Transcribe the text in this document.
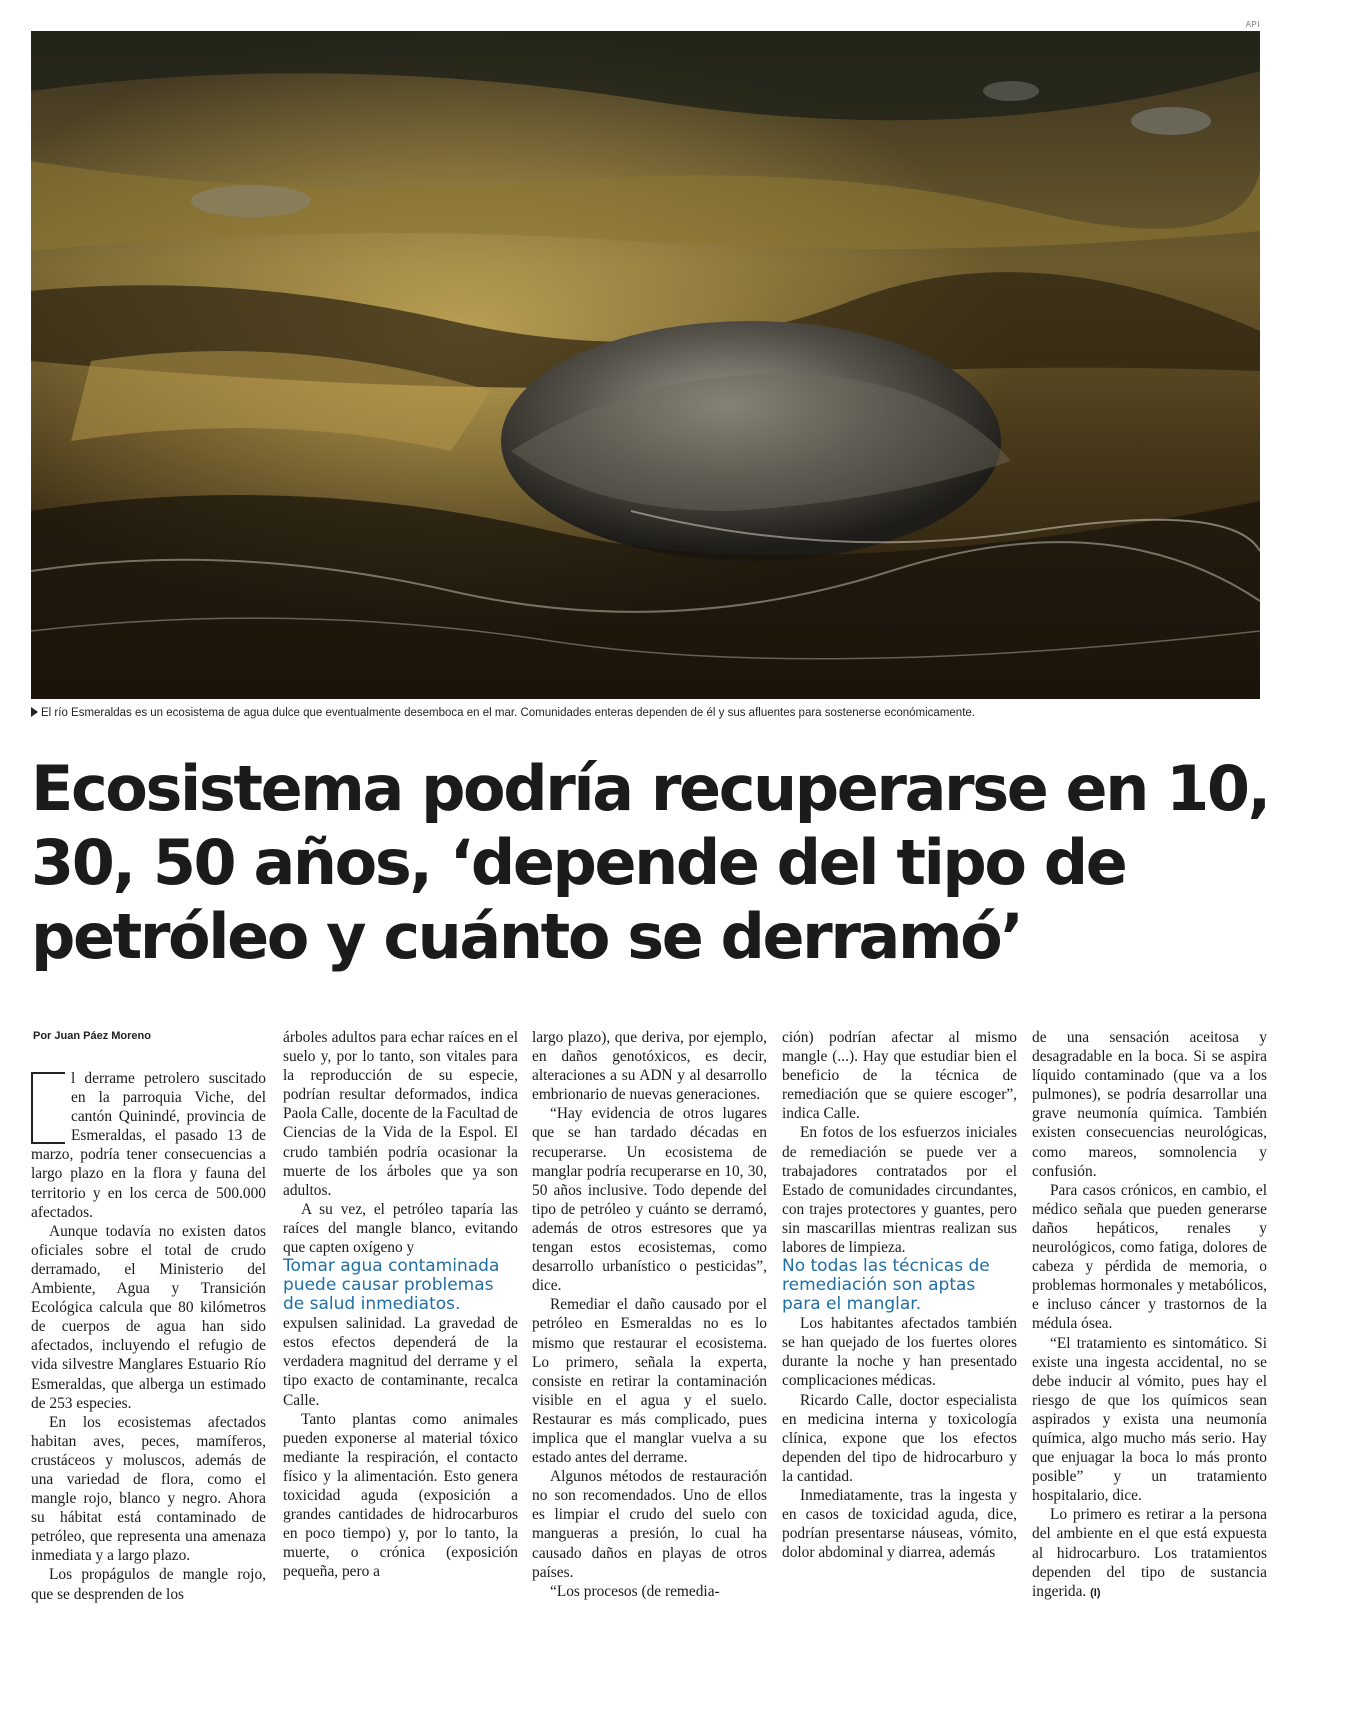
API
El río Esmeraldas es un ecosistema de agua dulce que eventualmente desemboca en el mar. Comunidades enteras dependen de él y sus afluentes para sostenerse económicamente.
Ecosistema podría recuperarse en 10, 30, 50 años, ‘depende del tipo de petróleo y cuánto se derramó’
Por Juan Páez Moreno

l derrame petrolero suscitado en la parroquia Viche, del cantón Quinindé, provincia de Esmeraldas, el pasado 13 de marzo, podría tener consecuencias a largo plazo en la flora y fauna del territorio y en los cerca de 500.000 afectados.

Aunque todavía no existen datos oficiales sobre el total de crudo derramado, el Ministerio del Ambiente, Agua y Transición Ecológica calcula que 80 kilómetros de cuerpos de agua han sido afectados, incluyendo el refugio de vida silvestre Manglares Estuario Río Esmeraldas, que alberga un estimado de 253 especies.

En los ecosistemas afectados habitan aves, peces, mamíferos, crustáceos y moluscos, además de una variedad de flora, como el mangle rojo, blanco y negro. Ahora su hábitat está contaminado de petróleo, que representa una amenaza inmediata y a largo plazo.

Los propágulos de mangle rojo, que se desprenden de los

árboles adultos para echar raíces en el suelo y, por lo tanto, son vitales para la reproducción de su especie, podrían resultar deformados, indica Paola Calle, docente de la Facultad de Ciencias de la Vida de la Espol. El crudo también podría ocasionar la muerte de los árboles que ya son adultos.

A su vez, el petróleo taparía las raíces del mangle blanco, evitando que capten oxígeno y

Tomar agua contaminada puede causar problemas de salud inmediatos.

expulsen salinidad. La gravedad de estos efectos dependerá de la verdadera magnitud del derrame y el tipo exacto de contaminante, recalca Calle.

Tanto plantas como animales pueden exponerse al material tóxico mediante la respiración, el contacto físico y la alimentación. Esto genera toxicidad aguda (exposición a grandes cantidades de hidrocarburos en poco tiempo) y, por lo tanto, la muerte, o crónica (exposición pequeña, pero a

largo plazo), que deriva, por ejemplo, en daños genotóxicos, es decir, alteraciones a su ADN y al desarrollo embrionario de nuevas generaciones.

“Hay evidencia de otros lugares que se han tardado décadas en recuperarse. Un ecosistema de manglar podría recuperarse en 10, 30, 50 años inclusive. Todo depende del tipo de petróleo y cuánto se derramó, además de otros estresores que ya tengan estos ecosistemas, como desarrollo urbanístico o pesticidas”, dice.

Remediar el daño causado por el petróleo en Esmeraldas no es lo mismo que restaurar el ecosistema. Lo primero, señala la experta, consiste en retirar la contaminación visible en el agua y el suelo. Restaurar es más complicado, pues implica que el manglar vuelva a su estado antes del derrame.

Algunos métodos de restauración no son recomendados. Uno de ellos es limpiar el crudo del suelo con mangueras a presión, lo cual ha causado daños en playas de otros países.

“Los procesos (de remedia-

ción) podrían afectar al mismo mangle (...). Hay que estudiar bien el beneficio de la técnica de remediación que se quiere escoger”, indica Calle.

En fotos de los esfuerzos iniciales de remediación se puede ver a trabajadores contratados por el Estado de comunidades circundantes, con trajes protectores y guantes, pero sin mascarillas mientras realizan sus labores de limpieza.

No todas las técnicas de remediación son aptas para el manglar.

Los habitantes afectados también se han quejado de los fuertes olores durante la noche y han presentado complicaciones médicas.

Ricardo Calle, doctor especialista en medicina interna y toxicología clínica, expone que los efectos dependen del tipo de hidrocarburo y la cantidad.

Inmediatamente, tras la ingesta y en casos de toxicidad aguda, dice, podrían presentarse náuseas, vómito, dolor abdominal y diarrea, además

de una sensación aceitosa y desagradable en la boca. Si se aspira líquido contaminado (que va a los pulmones), se podría desarrollar una grave neumonía química. También existen consecuencias neurológicas, como mareos, somnolencia y confusión.

Para casos crónicos, en cambio, el médico señala que pueden generarse daños hepáticos, renales y neurológicos, como fatiga, dolores de cabeza y pérdida de memoria, o problemas hormonales y metabólicos, e incluso cáncer y trastornos de la médula ósea.

“El tratamiento es sintomático. Si existe una ingesta accidental, no se debe inducir al vómito, pues hay el riesgo de que los químicos sean aspirados y exista una neumonía química, algo mucho más serio. Hay que enjuagar la boca lo más pronto posible” y un tratamiento hospitalario, dice.

Lo primero es retirar a la persona del ambiente en el que está expuesta al hidrocarburo. Los tratamientos dependen del tipo de sustancia ingerida. (I)
